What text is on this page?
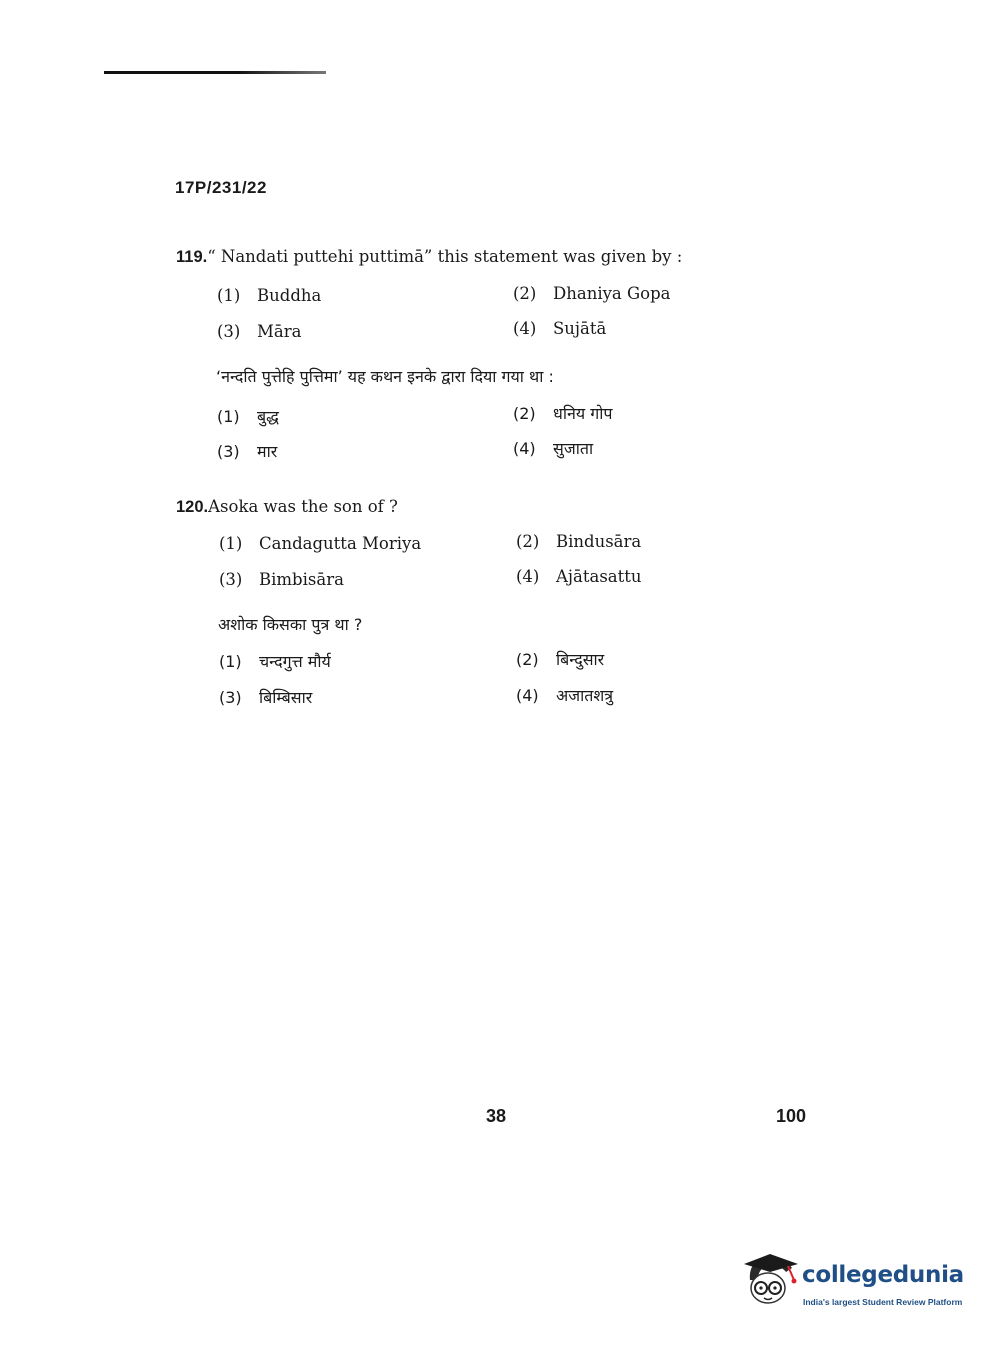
17P/231/22
119.“ Nandati puttehi puttimā” this statement was given by :
(1) Buddha	(2) Dhaniya Gopa
(3) Māra	(4) Sujātā
‘नन्दति पुत्तेहि पुत्तिमा’ यह कथन इनके द्वारा दिया गया था :
(1) बुद्ध	(2) धनिय गोप
(3) मार	(4) सुजाता
120.Asoka was the son of ?
(1) Candagutta Moriya	(2) Bindusāra
(3) Bimbisāra	(4) Ajātasattu
अशोक किसका पुत्र था ?
(1) चन्दगुत्त मौर्य	(2) बिन्दुसार
(3) बिम्बिसार	(4) अजातशत्रु
38	100
collegedunia
India's largest Student Review Platform
